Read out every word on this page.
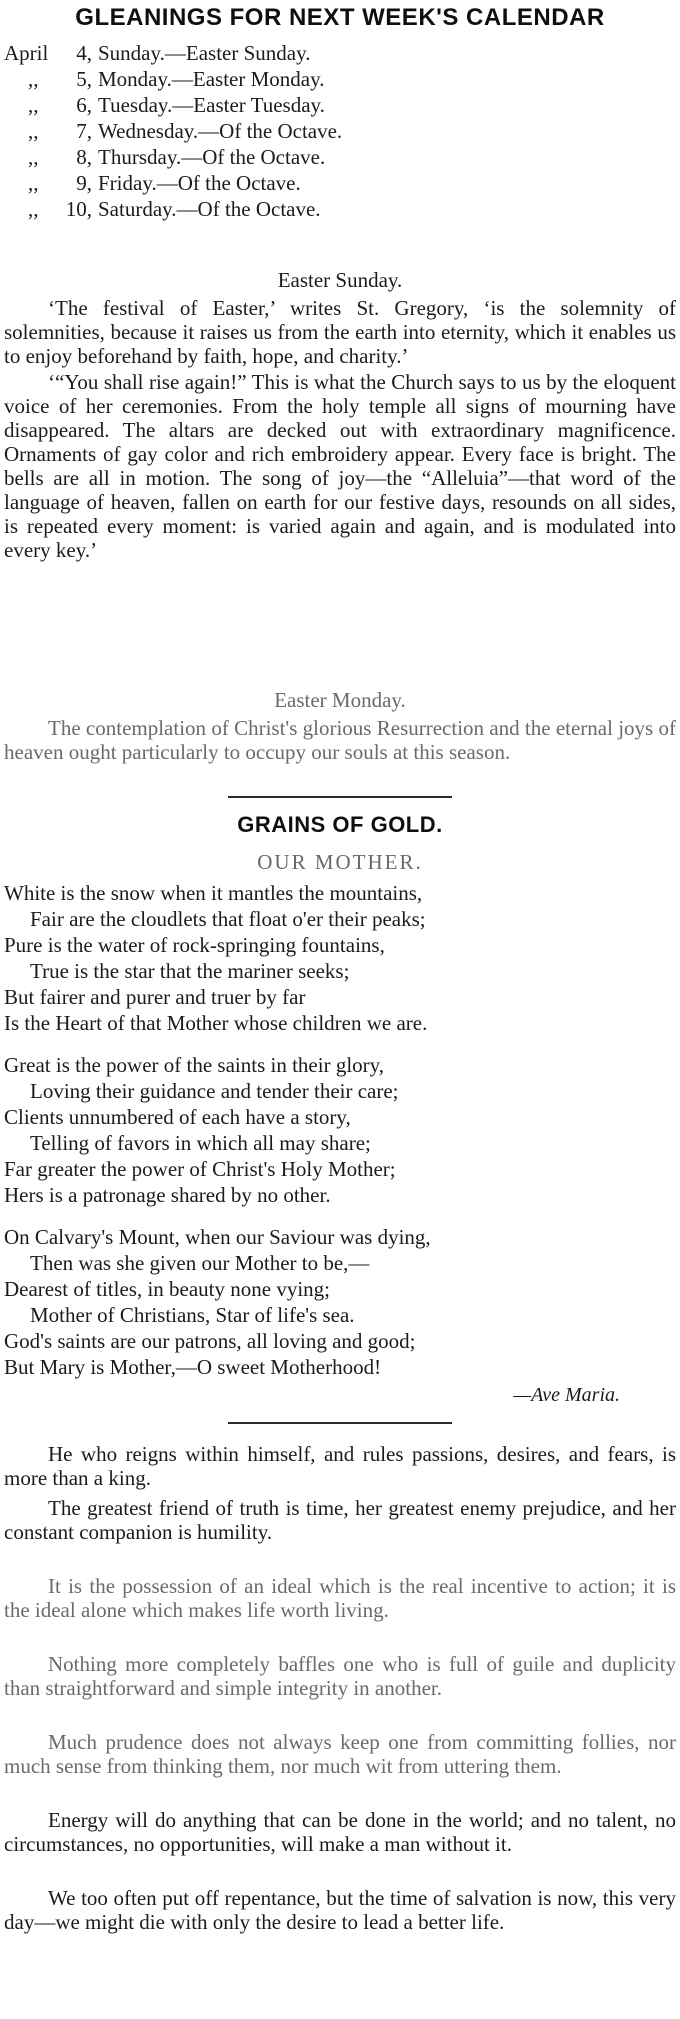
GLEANINGS FOR NEXT WEEK'S CALENDAR
April 4, Sunday.—Easter Sunday.
,, 5, Monday.—Easter Monday.
,, 6, Tuesday.—Easter Tuesday.
,, 7, Wednesday.—Of the Octave.
,, 8, Thursday.—Of the Octave.
,, 9, Friday.—Of the Octave.
,, 10, Saturday.—Of the Octave.
Easter Sunday.
‘The festival of Easter,’ writes St. Gregory, ‘is the solemnity of solemnities, because it raises us from the earth into eternity, which it enables us to enjoy beforehand by faith, hope, and charity.’
‘“You shall rise again!” This is what the Church says to us by the eloquent voice of her ceremonies. From the holy temple all signs of mourning have disappeared. The altars are decked out with extraordinary magnificence. Ornaments of gay color and rich embroidery appear. Every face is bright. The bells are all in motion. The song of joy—the “Alleluia”—that word of the language of heaven, fallen on earth for our festive days, resounds on all sides, is repeated every moment: is varied again and again, and is modulated into every key.’
Easter Monday.
The contemplation of Christ's glorious Resurrection and the eternal joys of heaven ought particularly to occupy our souls at this season.
GRAINS OF GOLD.
OUR MOTHER.
White is the snow when it mantles the mountains,
Fair are the cloudlets that float o'er their peaks;
Pure is the water of rock-springing fountains,
True is the star that the mariner seeks;
But fairer and purer and truer by far
Is the Heart of that Mother whose children we are.
Great is the power of the saints in their glory,
Loving their guidance and tender their care;
Clients unnumbered of each have a story,
Telling of favors in which all may share;
Far greater the power of Christ's Holy Mother;
Hers is a patronage shared by no other.
On Calvary's Mount, when our Saviour was dying,
Then was she given our Mother to be,—
Dearest of titles, in beauty none vying;
Mother of Christians, Star of life's sea.
God's saints are our patrons, all loving and good;
But Mary is Mother,—O sweet Motherhood!
—Ave Maria.
He who reigns within himself, and rules passions, desires, and fears, is more than a king.
The greatest friend of truth is time, her greatest enemy prejudice, and her constant companion is humility.
It is the possession of an ideal which is the real incentive to action; it is the ideal alone which makes life worth living.
Nothing more completely baffles one who is full of guile and duplicity than straightforward and simple integrity in another.
Much prudence does not always keep one from committing follies, nor much sense from thinking them, nor much wit from uttering them.
Energy will do anything that can be done in the world; and no talent, no circumstances, no opportunities, will make a man without it.
We too often put off repentance, but the time of salvation is now, this very day—we might die with only the desire to lead a better life.
